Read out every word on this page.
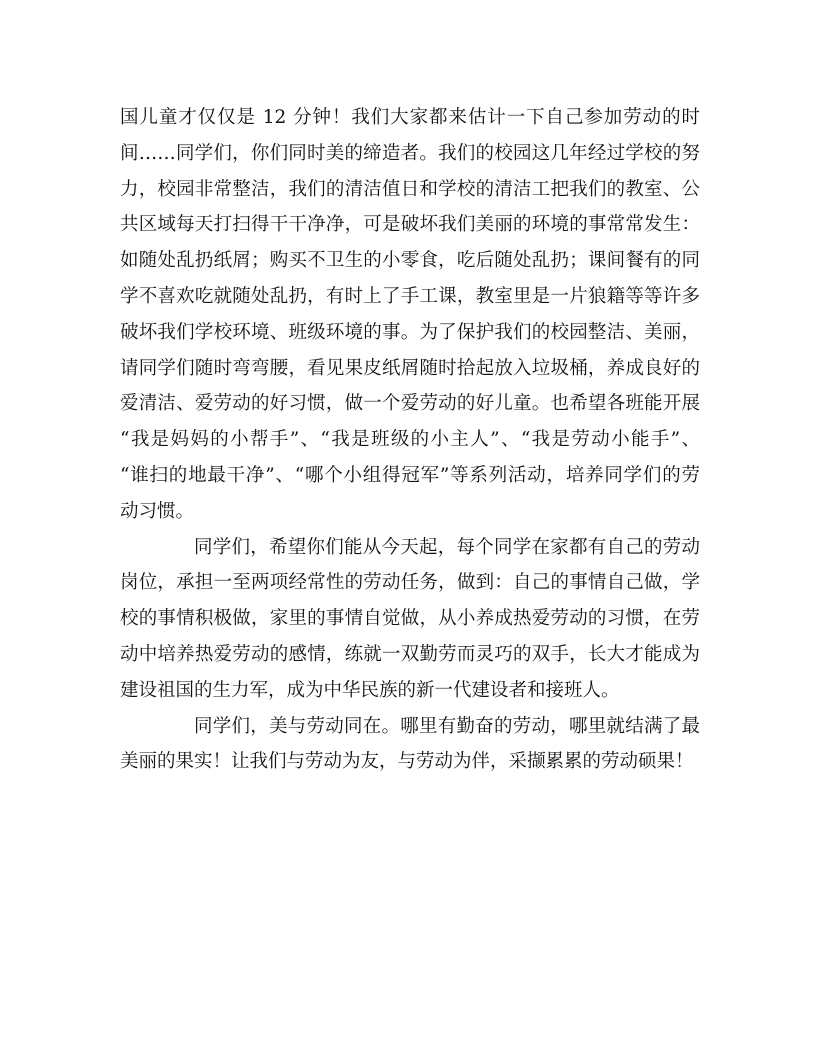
国儿童才仅仅是 12 分钟！我们大家都来估计一下自己参加劳动的时
间……同学们，你们同时美的缔造者。我们的校园这几年经过学校的努
力，校园非常整洁，我们的清洁值日和学校的清洁工把我们的教室、公
共区域每天打扫得干干净净，可是破坏我们美丽的环境的事常常发生：
如随处乱扔纸屑；购买不卫生的小零食，吃后随处乱扔；课间餐有的同
学不喜欢吃就随处乱扔，有时上了手工课，教室里是一片狼籍等等许多
破坏我们学校环境、班级环境的事。为了保护我们的校园整洁、美丽，
请同学们随时弯弯腰，看见果皮纸屑随时拾起放入垃圾桶，养成良好的
爱清洁、爱劳动的好习惯，做一个爱劳动的好儿童。也希望各班能开展
“我是妈妈的小帮手”、“我是班级的小主人”、“我是劳动小能手”、
“谁扫的地最干净”、“哪个小组得冠军”等系列活动，培养同学们的劳
动习惯。

同学们，希望你们能从今天起，每个同学在家都有自己的劳动
岗位，承担一至两项经常性的劳动任务，做到：自己的事情自己做，学
校的事情积极做，家里的事情自觉做，从小养成热爱劳动的习惯，在劳
动中培养热爱劳动的感情，练就一双勤劳而灵巧的双手，长大才能成为
建设祖国的生力军，成为中华民族的新一代建设者和接班人。

同学们，美与劳动同在。哪里有勤奋的劳动，哪里就结满了最
美丽的果实！让我们与劳动为友，与劳动为伴，采撷累累的劳动硕果！
